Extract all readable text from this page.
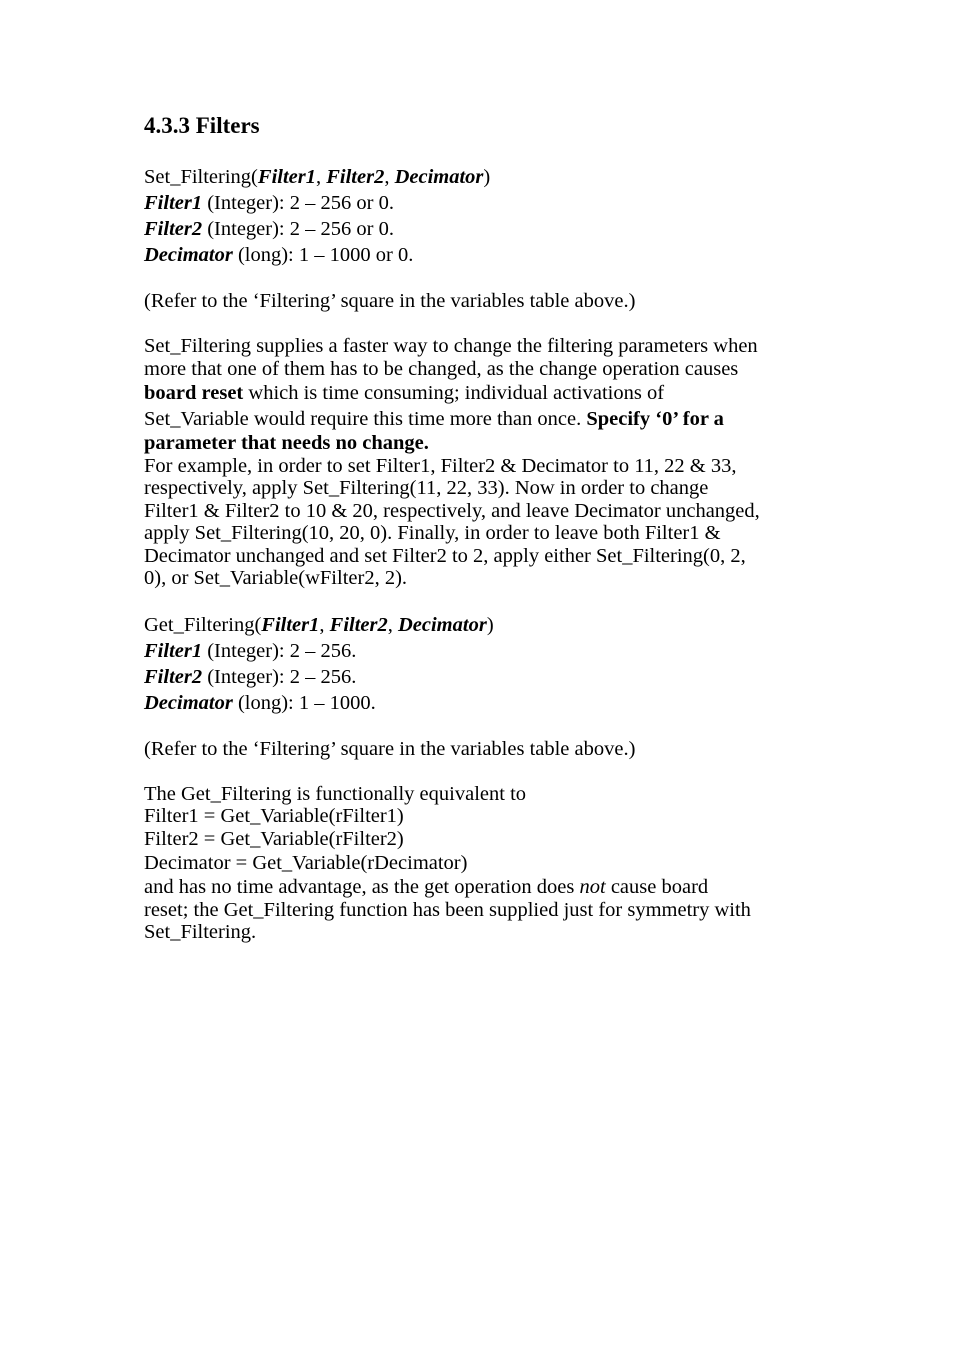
4.3.3 Filters
Set_Filtering(Filter1, Filter2, Decimator)
Filter1 (Integer): 2 – 256 or 0.
Filter2 (Integer): 2 – 256 or 0.
Decimator (long): 1 – 1000 or 0.
(Refer to the ‘Filtering’ square in the variables table above.)
Set_Filtering supplies a faster way to change the filtering parameters when
more that one of them has to be changed, as the change operation causes
board reset which is time consuming; individual activations of
Set_Variable would require this time more than once. Specify ‘0’ for a
parameter that needs no change.
For example, in order to set Filter1, Filter2 & Decimator to 11, 22 & 33,
respectively, apply Set_Filtering(11, 22, 33). Now in order to change
Filter1 & Filter2 to 10 & 20, respectively, and leave Decimator unchanged,
apply Set_Filtering(10, 20, 0). Finally, in order to leave both Filter1 &
Decimator unchanged and set Filter2 to 2, apply either Set_Filtering(0, 2,
0), or Set_Variable(wFilter2, 2).
Get_Filtering(Filter1, Filter2, Decimator)
Filter1 (Integer): 2 – 256.
Filter2 (Integer): 2 – 256.
Decimator (long): 1 – 1000.
(Refer to the ‘Filtering’ square in the variables table above.)
The Get_Filtering is functionally equivalent to
Filter1 = Get_Variable(rFilter1)
Filter2 = Get_Variable(rFilter2)
Decimator = Get_Variable(rDecimator)
and has no time advantage, as the get operation does not cause board
reset; the Get_Filtering function has been supplied just for symmetry with
Set_Filtering.
